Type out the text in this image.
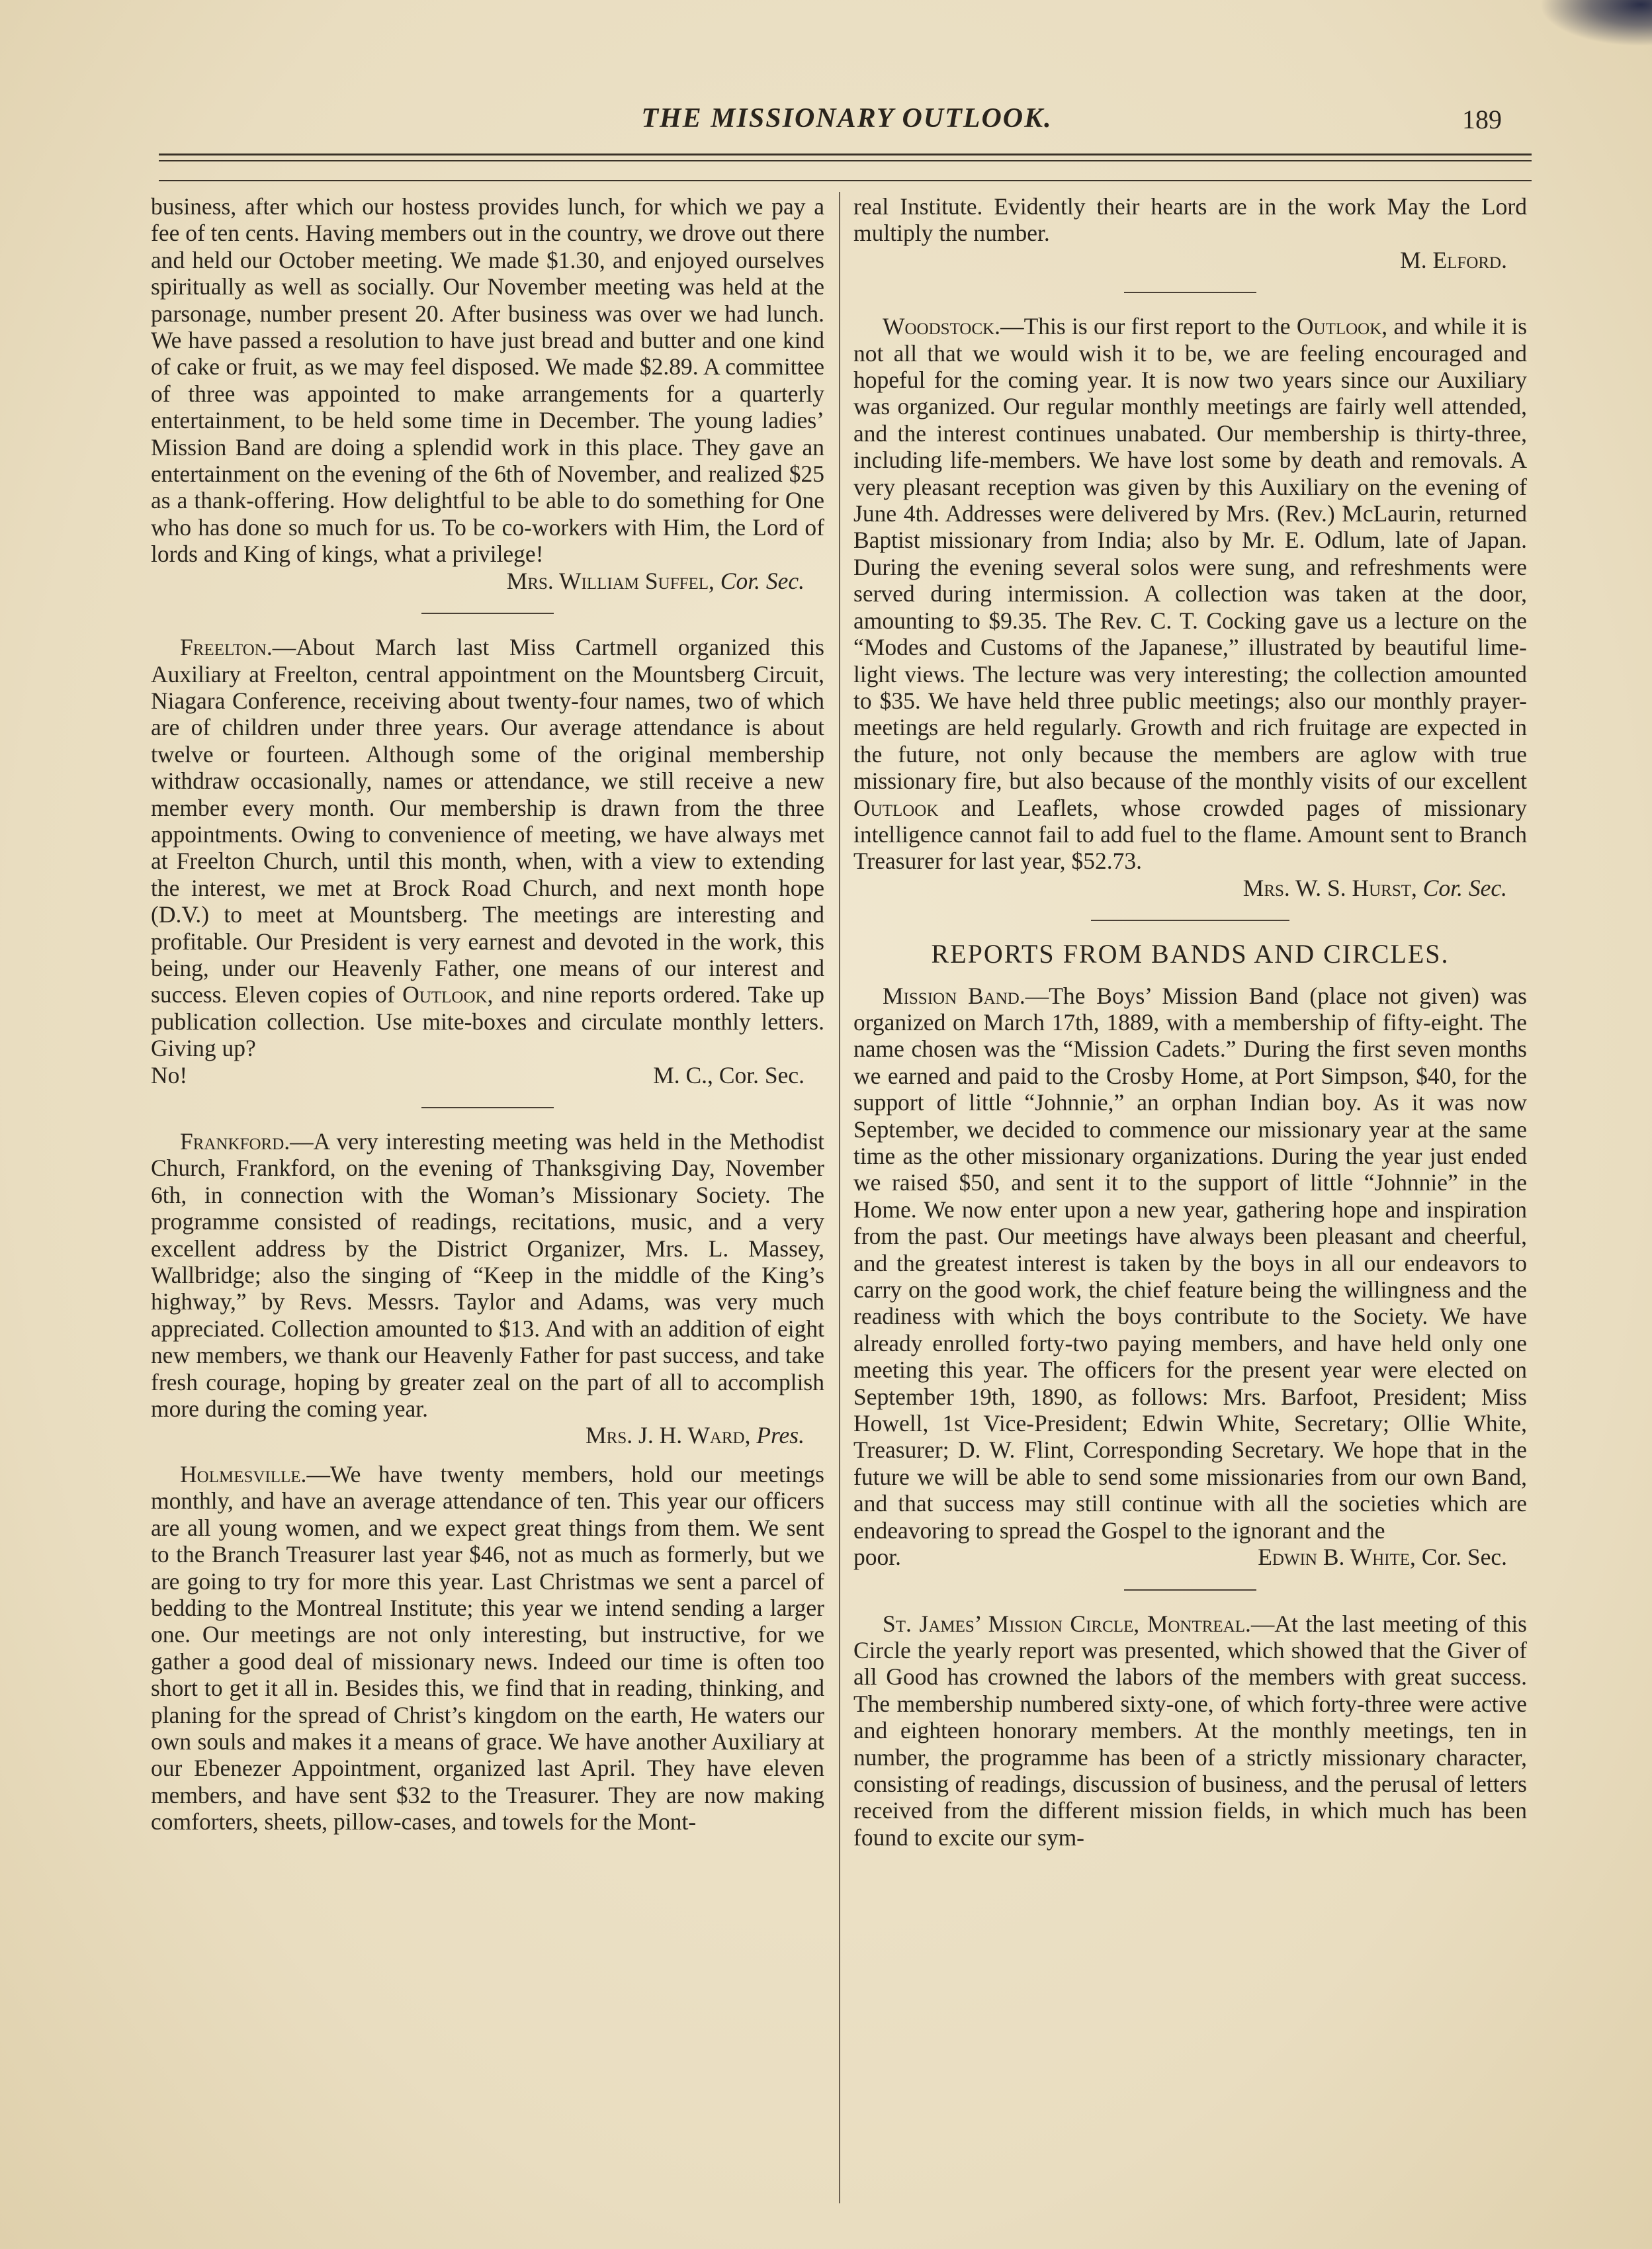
THE MISSIONARY OUTLOOK.	189

business, after which our hostess provides lunch, for which we pay a fee of ten cents. Having members out in the country, we drove out there and held our October meeting. We made $1.30, and enjoyed ourselves spiritually as well as socially. Our November meeting was held at the parsonage, number present 20. After business was over we had lunch. We have passed a resolution to have just bread and butter and one kind of cake or fruit, as we may feel disposed. We made $2.89. A committee of three was appointed to make arrangements for a quarterly entertainment, to be held some time in December. The young ladies’ Mission Band are doing a splendid work in this place. They gave an entertainment on the evening of the 6th of November, and realized $25 as a thank-offering. How delightful to be able to do something for One who has done so much for us. To be co-workers with Him, the Lord of lords and King of kings, what a privilege!

Mrs. William Suffel, Cor. Sec.

Freelton.—About March last Miss Cartmell organized this Auxiliary at Freelton, central appointment on the Mountsberg Circuit, Niagara Conference, receiving about twenty-four names, two of which are of children under three years. Our average attendance is about twelve or fourteen. Although some of the original membership withdraw occasionally, names or attendance, we still receive a new member every month. Our membership is drawn from the three appointments. Owing to convenience of meeting, we have always met at Freelton Church, until this month, when, with a view to extending the interest, we met at Brock Road Church, and next month hope (D.V.) to meet at Mountsberg. The meetings are interesting and profitable. Our President is very earnest and devoted in the work, this being, under our Heavenly Father, one means of our interest and success. Eleven copies of Outlook, and nine reports ordered. Take up publication collection. Use mite-boxes and circulate monthly letters. Giving up?

No!	M. C., Cor. Sec.

Frankford.—A very interesting meeting was held in the Methodist Church, Frankford, on the evening of Thanksgiving Day, November 6th, in connection with the Woman’s Missionary Society. The programme consisted of readings, recitations, music, and a very excellent address by the District Organizer, Mrs. L. Massey, Wallbridge; also the singing of “Keep in the middle of the King’s highway,” by Revs. Messrs. Taylor and Adams, was very much appreciated. Collection amounted to $13. And with an addition of eight new members, we thank our Heavenly Father for past success, and take fresh courage, hoping by greater zeal on the part of all to accomplish more during the coming year.

Mrs. J. H. Ward, Pres.

Holmesville.—We have twenty members, hold our meetings monthly, and have an average attendance of ten. This year our officers are all young women, and we expect great things from them. We sent to the Branch Treasurer last year $46, not as much as formerly, but we are going to try for more this year. Last Christmas we sent a parcel of bedding to the Montreal Institute; this year we intend sending a larger one. Our meetings are not only interesting, but instructive, for we gather a good deal of missionary news. Indeed our time is often too short to get it all in. Besides this, we find that in reading, thinking, and planing for the spread of Christ’s kingdom on the earth, He waters our own souls and makes it a means of grace. We have another Auxiliary at our Ebenezer Appointment, organized last April. They have eleven members, and have sent $32 to the Treasurer. They are now making comforters, sheets, pillow-cases, and towels for the Mont-

real Institute. Evidently their hearts are in the work May the Lord multiply the number.

M. Elford.

Woodstock.—This is our first report to the Outlook, and while it is not all that we would wish it to be, we are feeling encouraged and hopeful for the coming year. It is now two years since our Auxiliary was organized. Our regular monthly meetings are fairly well attended, and the interest continues unabated. Our membership is thirty-three, including life-members. We have lost some by death and removals. A very pleasant reception was given by this Auxiliary on the evening of June 4th. Addresses were delivered by Mrs. (Rev.) McLaurin, returned Baptist missionary from India; also by Mr. E. Odlum, late of Japan. During the evening several solos were sung, and refreshments were served during intermission. A collection was taken at the door, amounting to $9.35. The Rev. C. T. Cocking gave us a lecture on the “Modes and Customs of the Japanese,” illustrated by beautiful lime-light views. The lecture was very interesting; the collection amounted to $35. We have held three public meetings; also our monthly prayer-meetings are held regularly. Growth and rich fruitage are expected in the future, not only because the members are aglow with true missionary fire, but also because of the monthly visits of our excellent Outlook and Leaflets, whose crowded pages of missionary intelligence cannot fail to add fuel to the flame. Amount sent to Branch Treasurer for last year, $52.73.

Mrs. W. S. Hurst, Cor. Sec.

REPORTS FROM BANDS AND CIRCLES.

Mission Band.—The Boys’ Mission Band (place not given) was organized on March 17th, 1889, with a membership of fifty-eight. The name chosen was the “Mission Cadets.” During the first seven months we earned and paid to the Crosby Home, at Port Simpson, $40, for the support of little “Johnnie,” an orphan Indian boy. As it was now September, we decided to commence our missionary year at the same time as the other missionary organizations. During the year just ended we raised $50, and sent it to the support of little “Johnnie” in the Home. We now enter upon a new year, gathering hope and inspiration from the past. Our meetings have always been pleasant and cheerful, and the greatest interest is taken by the boys in all our endeavors to carry on the good work, the chief feature being the willingness and the readiness with which the boys contribute to the Society. We have already enrolled forty-two paying members, and have held only one meeting this year. The officers for the present year were elected on September 19th, 1890, as follows: Mrs. Barfoot, President; Miss Howell, 1st Vice-President; Edwin White, Secretary; Ollie White, Treasurer; D. W. Flint, Corresponding Secretary. We hope that in the future we will be able to send some missionaries from our own Band, and that success may still continue with all the societies which are endeavoring to spread the Gospel to the ignorant and the

poor.	Edwin B. White, Cor. Sec.

St. James’ Mission Circle, Montreal.—At the last meeting of this Circle the yearly report was presented, which showed that the Giver of all Good has crowned the labors of the members with great success. The membership numbered sixty-one, of which forty-three were active and eighteen honorary members. At the monthly meetings, ten in number, the programme has been of a strictly missionary character, consisting of readings, discussion of business, and the perusal of letters received from the different mission fields, in which much has been found to excite our sym-
